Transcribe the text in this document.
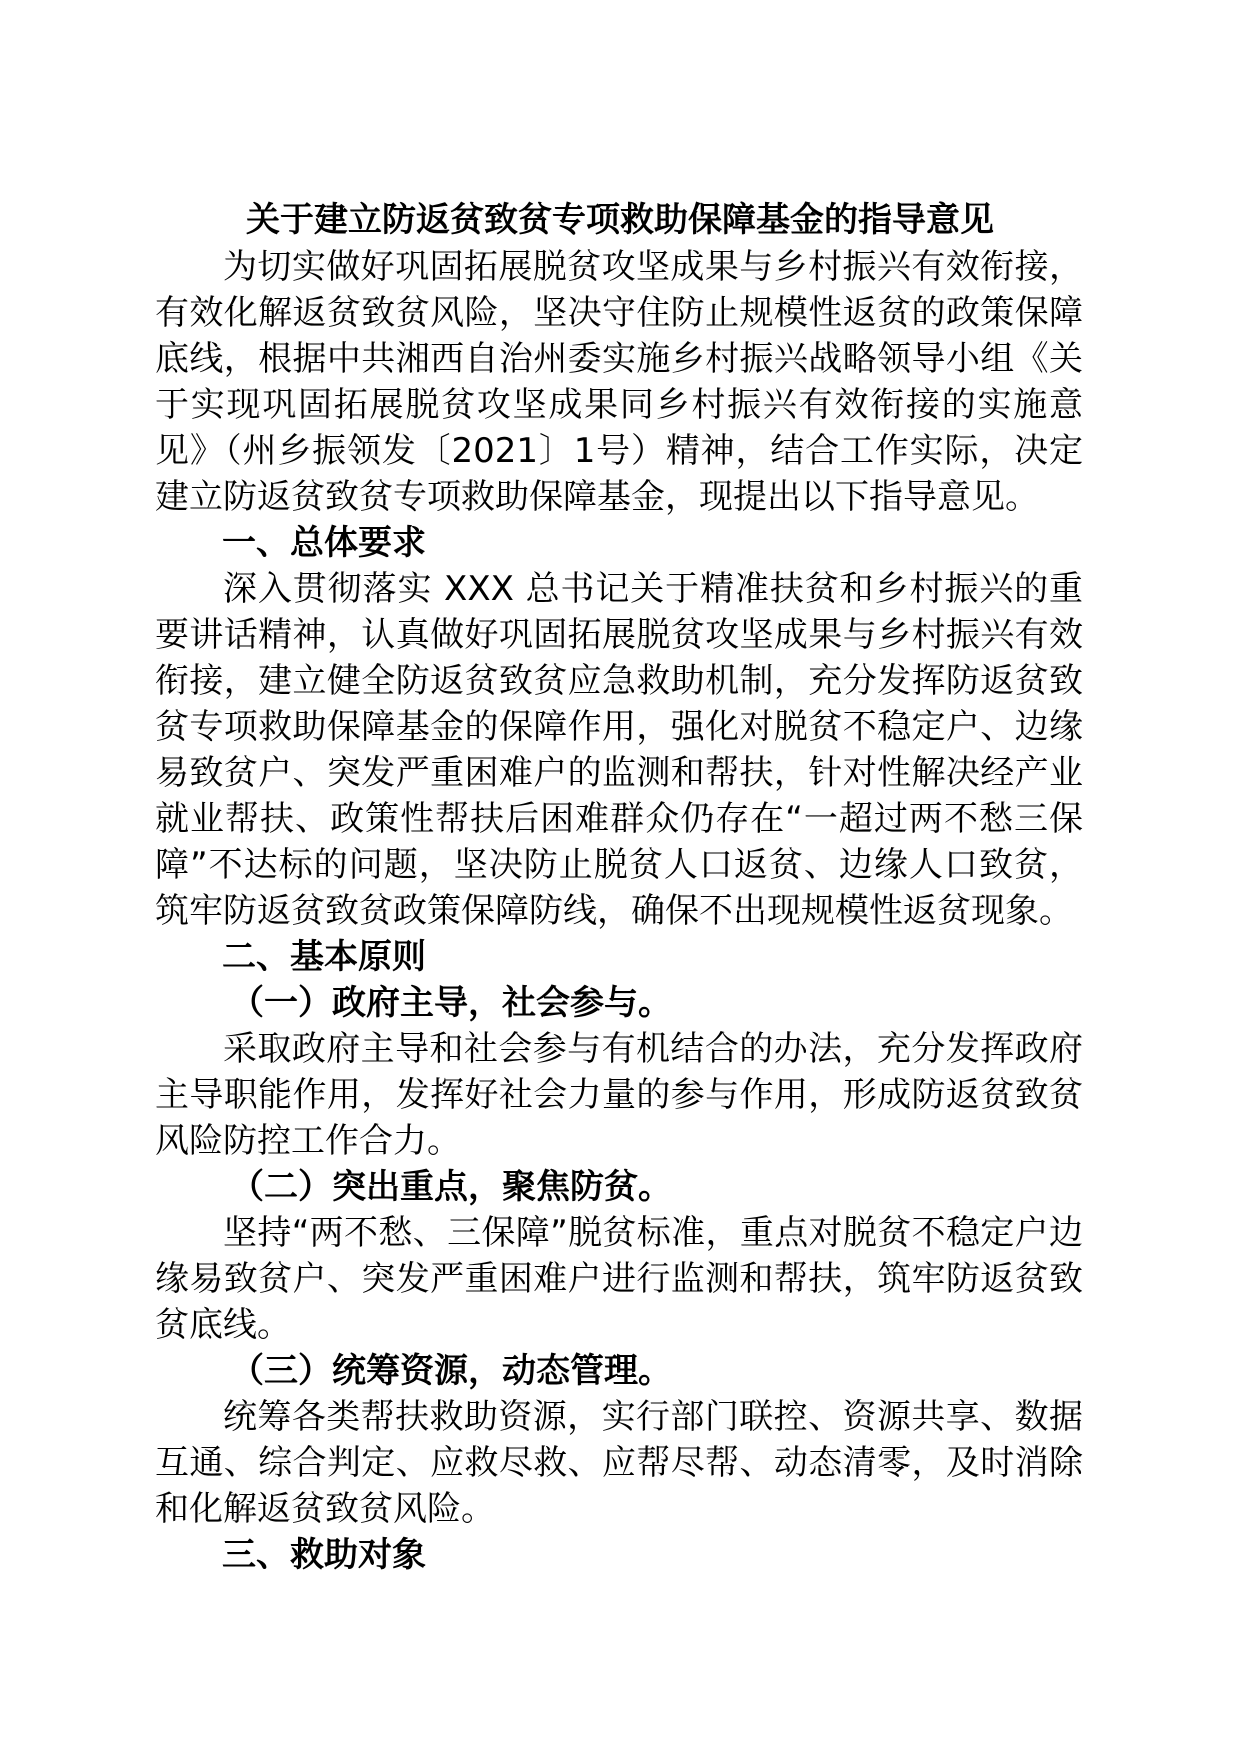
关于建立防返贫致贫专项救助保障基金的指导意见

为切实做好巩固拓展脱贫攻坚成果与乡村振兴有效衔接，有效化解返贫致贫风险，坚决守住防止规模性返贫的政策保障底线，根据中共湘西自治州委实施乡村振兴战略领导小组《关于实现巩固拓展脱贫攻坚成果同乡村振兴有效衔接的实施意见》（州乡振领发〔2021〕1号）精神，结合工作实际，决定建立防返贫致贫专项救助保障基金，现提出以下指导意见。

一、总体要求

深入贯彻落实 XXX 总书记关于精准扶贫和乡村振兴的重要讲话精神，认真做好巩固拓展脱贫攻坚成果与乡村振兴有效衔接，建立健全防返贫致贫应急救助机制，充分发挥防返贫致贫专项救助保障基金的保障作用，强化对脱贫不稳定户、边缘易致贫户、突发严重困难户的监测和帮扶，针对性解决经产业就业帮扶、政策性帮扶后困难群众仍存在“一超过两不愁三保障”不达标的问题，坚决防止脱贫人口返贫、边缘人口致贫，筑牢防返贫致贫政策保障防线，确保不出现规模性返贫现象。

二、基本原则
（一）政府主导，社会参与。

采取政府主导和社会参与有机结合的办法，充分发挥政府主导职能作用，发挥好社会力量的参与作用，形成防返贫致贫风险防控工作合力。

（二）突出重点，聚焦防贫。

坚持“两不愁、三保障”脱贫标准，重点对脱贫不稳定户边缘易致贫户、突发严重困难户进行监测和帮扶，筑牢防返贫致贫底线。

（三）统筹资源，动态管理。

统筹各类帮扶救助资源，实行部门联控、资源共享、数据互通、综合判定、应救尽救、应帮尽帮、动态清零，及时消除和化解返贫致贫风险。

三、救助对象
